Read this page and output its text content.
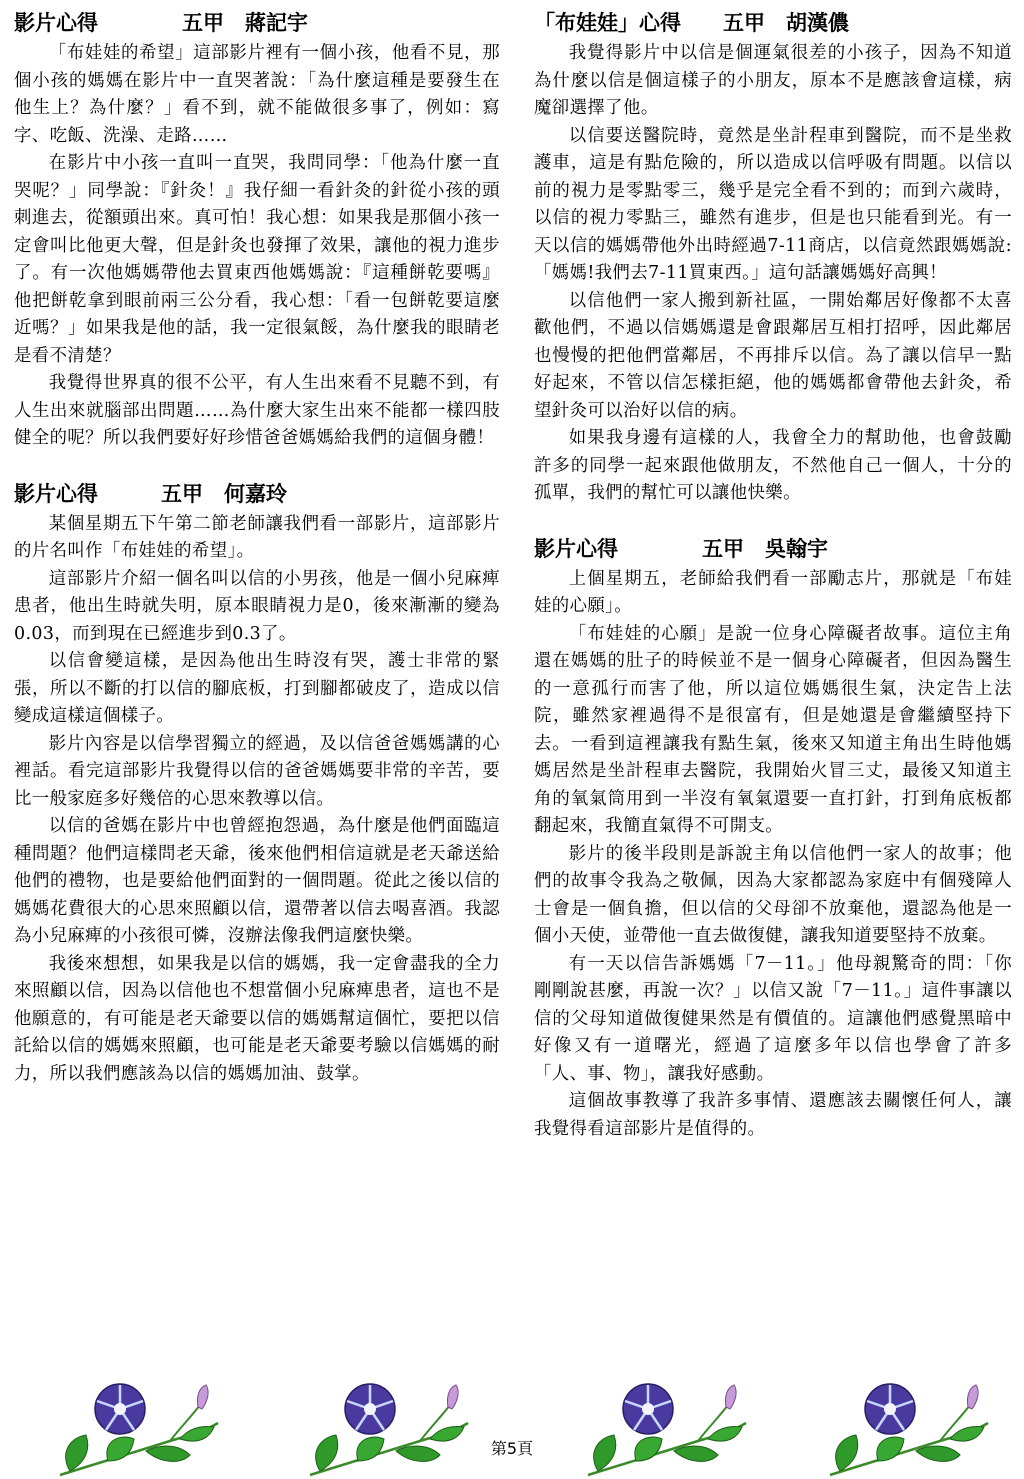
影片心得　　　　五甲　蔣記宇

「布娃娃的希望」這部影片裡有一個小孩，他看不見，那個小孩的媽媽在影片中一直哭著說：「為什麼這種是要發生在他生上？為什麼？」看不到，就不能做很多事了，例如：寫字、吃飯、洗澡、走路……

在影片中小孩一直叫一直哭，我問同學：「他為什麼一直哭呢？」同學說：『針灸！』我仔細一看針灸的針從小孩的頭刺進去，從額頭出來。真可怕！我心想：如果我是那個小孩一定會叫比他更大聲，但是針灸也發揮了效果，讓他的視力進步了。有一次他媽媽帶他去買東西他媽媽說：『這種餅乾要嗎』他把餅乾拿到眼前兩三公分看，我心想：「看一包餅乾要這麼近嗎？」如果我是他的話，我一定很氣餒，為什麼我的眼睛老是看不清楚？

我覺得世界真的很不公平，有人生出來看不見聽不到，有人生出來就腦部出問題……為什麼大家生出來不能都一樣四肢健全的呢？所以我們要好好珍惜爸爸媽媽給我們的這個身體！

影片心得　　　五甲　何嘉玲

某個星期五下午第二節老師讓我們看一部影片，這部影片的片名叫作「布娃娃的希望」。

這部影片介紹一個名叫以信的小男孩，他是一個小兒麻痺患者，他出生時就失明，原本眼睛視力是0，後來漸漸的變為0.03，而到現在已經進步到0.3了。

以信會變這樣，是因為他出生時沒有哭，護士非常的緊張，所以不斷的打以信的腳底板，打到腳都破皮了，造成以信變成這樣這個樣子。

影片內容是以信學習獨立的經過，及以信爸爸媽媽講的心裡話。看完這部影片我覺得以信的爸爸媽媽要非常的辛苦，要比一般家庭多好幾倍的心思來教導以信。

以信的爸媽在影片中也曾經抱怨過，為什麼是他們面臨這種問題？他們這樣問老天爺，後來他們相信這就是老天爺送給他們的禮物，也是要給他們面對的一個問題。從此之後以信的媽媽花費很大的心思來照顧以信，還帶著以信去喝喜酒。我認為小兒麻痺的小孩很可憐，沒辦法像我們這麼快樂。

我後來想想，如果我是以信的媽媽，我一定會盡我的全力來照顧以信，因為以信他也不想當個小兒麻痺患者，這也不是他願意的，有可能是老天爺要以信的媽媽幫這個忙，要把以信託給以信的媽媽來照顧，也可能是老天爺要考驗以信媽媽的耐力，所以我們應該為以信的媽媽加油、鼓掌。

「布娃娃」心得　　五甲　胡漢儂

我覺得影片中以信是個運氣很差的小孩子，因為不知道為什麼以信是個這樣子的小朋友，原本不是應該會這樣，病魔卻選擇了他。

以信要送醫院時，竟然是坐計程車到醫院，而不是坐救護車，這是有點危險的，所以造成以信呼吸有問題。以信以前的視力是零點零三，幾乎是完全看不到的；而到六歲時，以信的視力零點三，雖然有進步，但是也只能看到光。有一天以信的媽媽帶他外出時經過7-11商店，以信竟然跟媽媽說:「媽媽!我們去7-11買東西。」這句話讓媽媽好高興！

以信他們一家人搬到新社區，一開始鄰居好像都不太喜歡他們，不過以信媽媽還是會跟鄰居互相打招呼，因此鄰居也慢慢的把他們當鄰居，不再排斥以信。為了讓以信早一點好起來，不管以信怎樣拒絕，他的媽媽都會帶他去針灸，希望針灸可以治好以信的病。

如果我身邊有這樣的人，我會全力的幫助他，也會鼓勵許多的同學一起來跟他做朋友，不然他自己一個人，十分的孤單，我們的幫忙可以讓他快樂。

影片心得　　　　五甲　吳翰宇

上個星期五，老師給我們看一部勵志片，那就是「布娃娃的心願」。

「布娃娃的心願」是說一位身心障礙者故事。這位主角還在媽媽的肚子的時候並不是一個身心障礙者，但因為醫生的一意孤行而害了他，所以這位媽媽很生氣，決定告上法院，雖然家裡過得不是很富有，但是她還是會繼續堅持下去。一看到這裡讓我有點生氣，後來又知道主角出生時他媽媽居然是坐計程車去醫院，我開始火冒三丈，最後又知道主角的氧氣筒用到一半沒有氧氣還要一直打針，打到角底板都翻起來，我簡直氣得不可開支。

影片的後半段則是訴說主角以信他們一家人的故事；他們的故事令我為之敬佩，因為大家都認為家庭中有個殘障人士會是一個負擔，但以信的父母卻不放棄他，還認為他是一個小天使，並帶他一直去做復健，讓我知道要堅持不放棄。

有一天以信告訴媽媽「7－11。」他母親驚奇的問：「你剛剛說甚麼，再說一次？」以信又說「7－11。」這件事讓以信的父母知道做復健果然是有價值的。這讓他們感覺黑暗中好像又有一道曙光，經過了這麼多年以信也學會了許多「人、事、物」，讓我好感動。

這個故事教導了我許多事情、還應該去關懷任何人，讓我覺得看這部影片是值得的。

第5頁
